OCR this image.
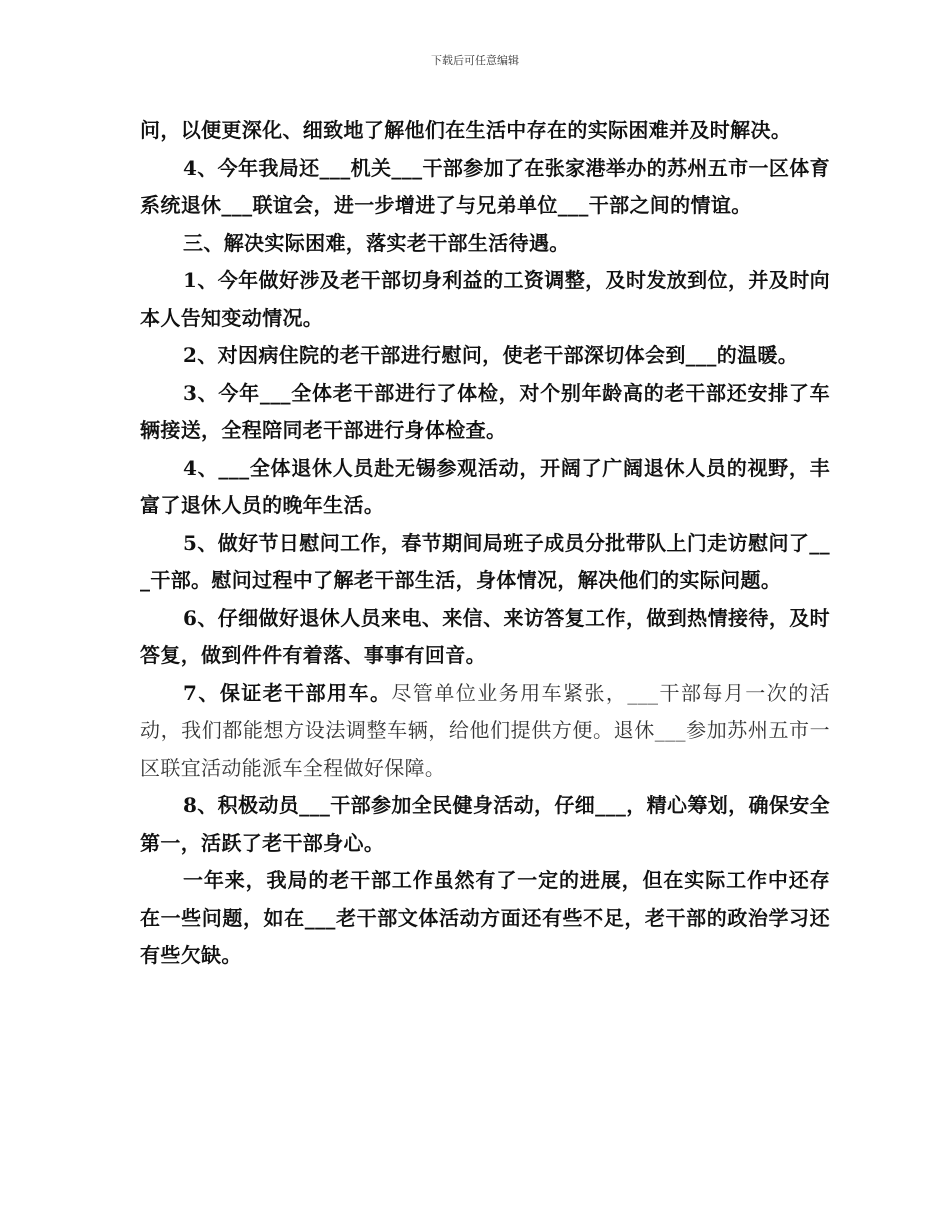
下载后可任意编辑

问，以便更深化、细致地了解他们在生活中存在的实际困难并及时解决。

4、今年我局还___机关___干部参加了在张家港举办的苏州五市一区体育系统退休___联谊会，进一步增进了与兄弟单位___干部之间的情谊。

三、解决实际困难，落实老干部生活待遇。

1、今年做好涉及老干部切身利益的工资调整，及时发放到位，并及时向本人告知变动情况。

2、对因病住院的老干部进行慰问，使老干部深切体会到___的温暖。

3、今年___全体老干部进行了体检，对个别年龄高的老干部还安排了车辆接送，全程陪同老干部进行身体检查。

4、___全体退休人员赴无锡参观活动，开阔了广阔退休人员的视野，丰富了退休人员的晚年生活。

5、做好节日慰问工作，春节期间局班子成员分批带队上门走访慰问了___干部。慰问过程中了解老干部生活，身体情况，解决他们的实际问题。

6、仔细做好退休人员来电、来信、来访答复工作，做到热情接待，及时答复，做到件件有着落、事事有回音。

7、保证老干部用车。尽管单位业务用车紧张，___干部每月一次的活动，我们都能想方设法调整车辆，给他们提供方便。退休___参加苏州五市一区联宜活动能派车全程做好保障。

8、积极动员___干部参加全民健身活动，仔细___，精心筹划，确保安全第一，活跃了老干部身心。

一年来，我局的老干部工作虽然有了一定的进展，但在实际工作中还存在一些问题，如在___老干部文体活动方面还有些不足，老干部的政治学习还有些欠缺。
